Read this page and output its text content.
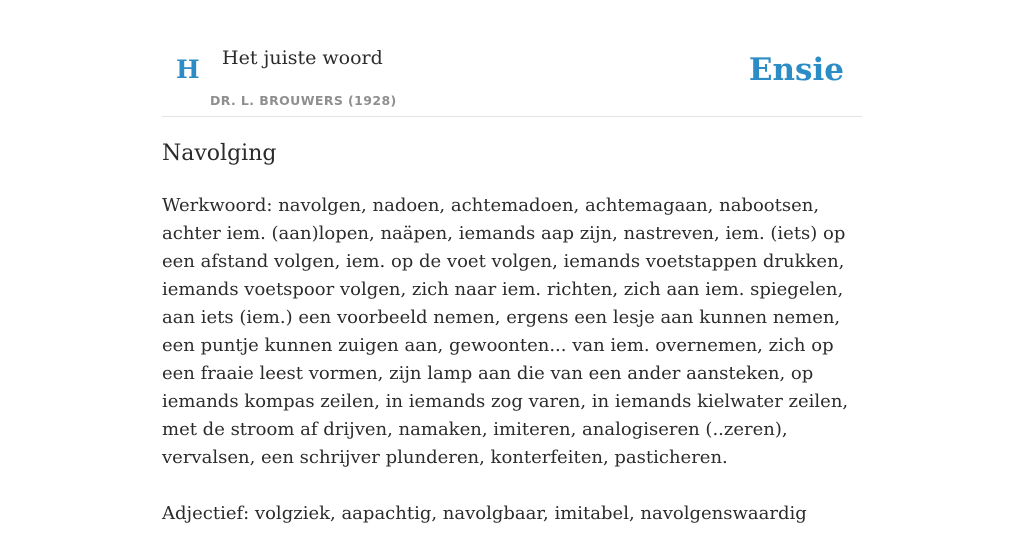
H Het juiste woord
DR. L. BROUWERS (1928)
Ensie
Navolging

Werkwoord: navolgen, nadoen, achtemadoen, achtemagaan, nabootsen, achter iem. (aan)lopen, naäpen, iemands aap zijn, nastreven, iem. (iets) op een afstand volgen, iem. op de voet volgen, iemands voetstappen drukken, iemands voetspoor volgen, zich naar iem. richten, zich aan iem. spiegelen, aan iets (iem.) een voorbeeld nemen, ergens een lesje aan kunnen nemen, een puntje kunnen zuigen aan, gewoonten... van iem. overnemen, zich op een fraaie leest vormen, zijn lamp aan die van een ander aansteken, op iemands kompas zeilen, in iemands zog varen, in iemands kielwater zeilen, met de stroom af drijven, namaken, imiteren, analogiseren (..zeren), vervalsen, een schrijver plunderen, konterfeiten, pasticheren.

Adjectief: volgziek, aapachtig, navolgbaar, imitabel, navolgenswaardig
